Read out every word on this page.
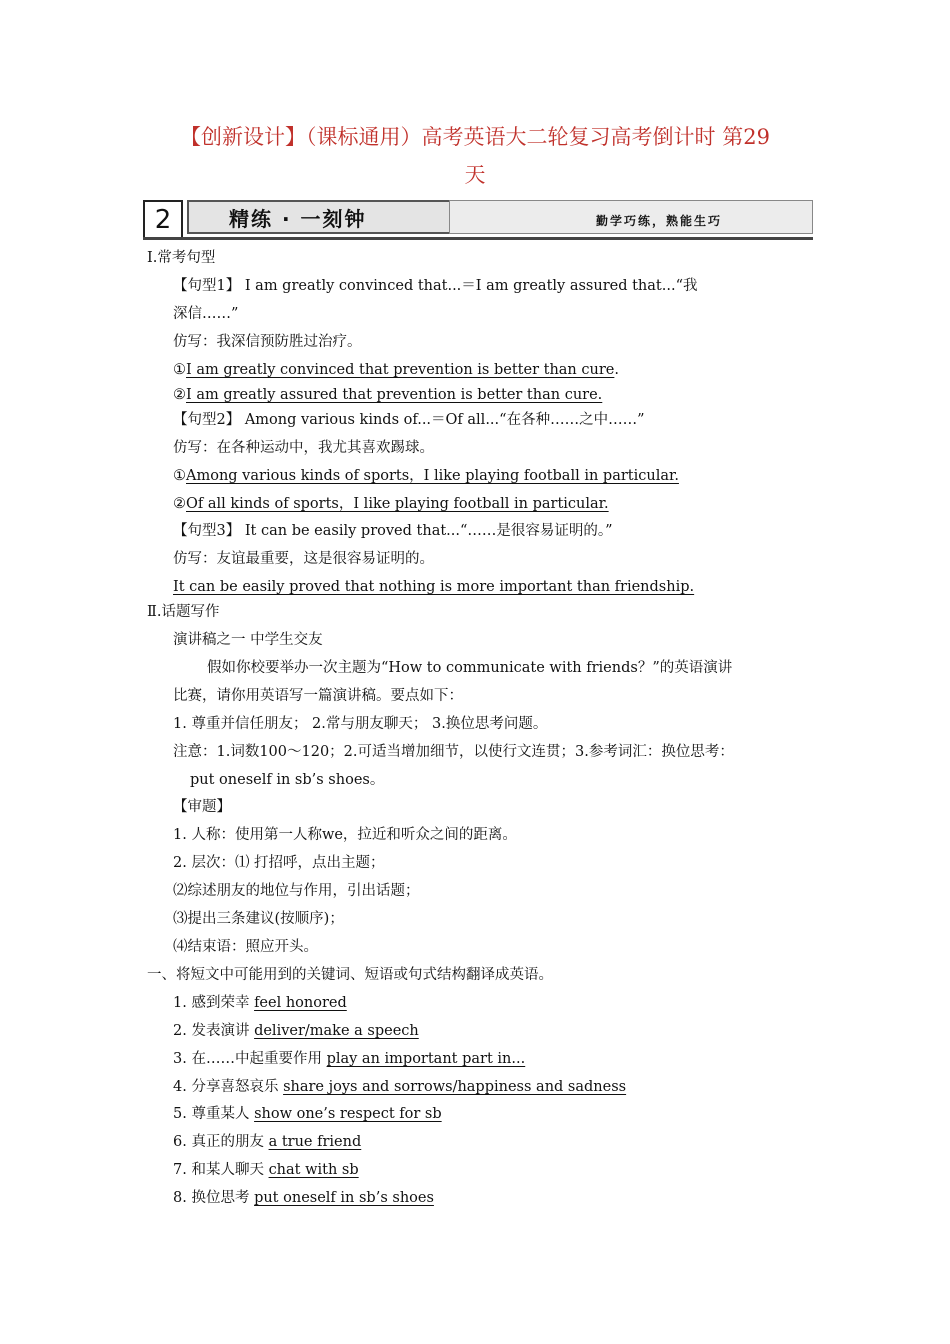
【创新设计】（课标通用）高考英语大二轮复习高考倒计时 第29
天
2	精练 · 一刻钟	勤学巧练，熟能生巧
Ⅰ.常考句型
【句型1】 I am greatly convinced that...＝I am greatly assured that...“我
深信……”
仿写：我深信预防胜过治疗。
①I am greatly convinced that prevention is better than cure.
②I am greatly assured that prevention is better than cure.
【句型2】 Among various kinds of...＝Of all...“在各种……之中……”
仿写：在各种运动中，我尤其喜欢踢球。
①Among various kinds of sports，I like playing football in particular.
②Of all kinds of sports，I like playing football in particular.
【句型3】 It can be easily proved that...“……是很容易证明的。”
仿写：友谊最重要，这是很容易证明的。
It can be easily proved that nothing is more important than friendship.
Ⅱ.话题写作
演讲稿之一 中学生交友
假如你校要举办一次主题为“How to communicate with friends？”的英语演讲
比赛，请你用英语写一篇演讲稿。要点如下：
1. 尊重并信任朋友； 2.常与朋友聊天； 3.换位思考问题。
注意：1.词数100～120；2.可适当增加细节，以使行文连贯；3.参考词汇：换位思考：
put oneself in sb’s shoes。
【审题】
1. 人称：使用第一人称we，拉近和听众之间的距离。
2. 层次：⑴ 打招呼，点出主题；
⑵综述朋友的地位与作用，引出话题；
⑶提出三条建议(按顺序)；
⑷结束语：照应开头。
一、将短文中可能用到的关键词、短语或句式结构翻译成英语。
1. 感到荣幸 feel honored
2. 发表演讲 deliver/make a speech
3. 在……中起重要作用 play an important part in...
4. 分享喜怒哀乐 share joys and sorrows/happiness and sadness
5. 尊重某人 show one’s respect for sb
6. 真正的朋友 a true friend
7. 和某人聊天 chat with sb
8. 换位思考 put oneself in sb’s shoes
